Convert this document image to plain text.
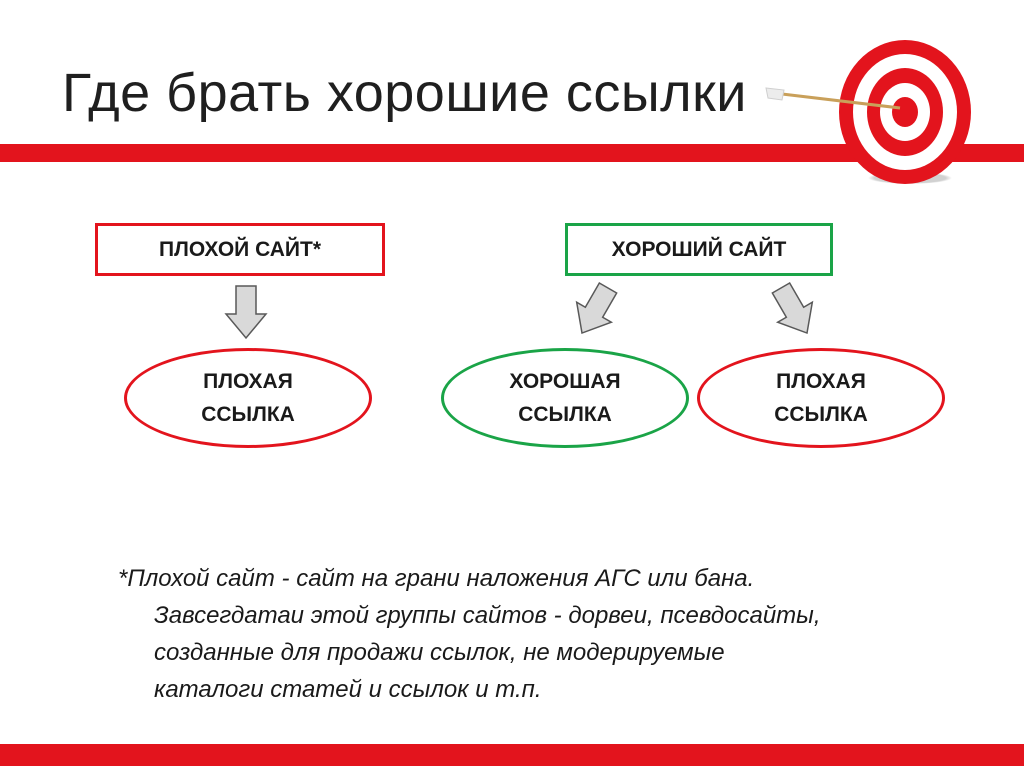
Где брать хорошие ссылки
ПЛОХОЙ САЙТ*	ХОРОШИЙ САЙТ
ПЛОХАЯ
ССЫЛКА
ХОРОШАЯ
ССЫЛКА
ПЛОХАЯ
ССЫЛКА
*Плохой сайт - сайт на грани наложения АГС или бана.
Завсегдатаи этой группы сайтов - дорвеи, псевдосайты,
созданные для продажи ссылок, не модерируемые
каталоги статей и ссылок и т.п.
